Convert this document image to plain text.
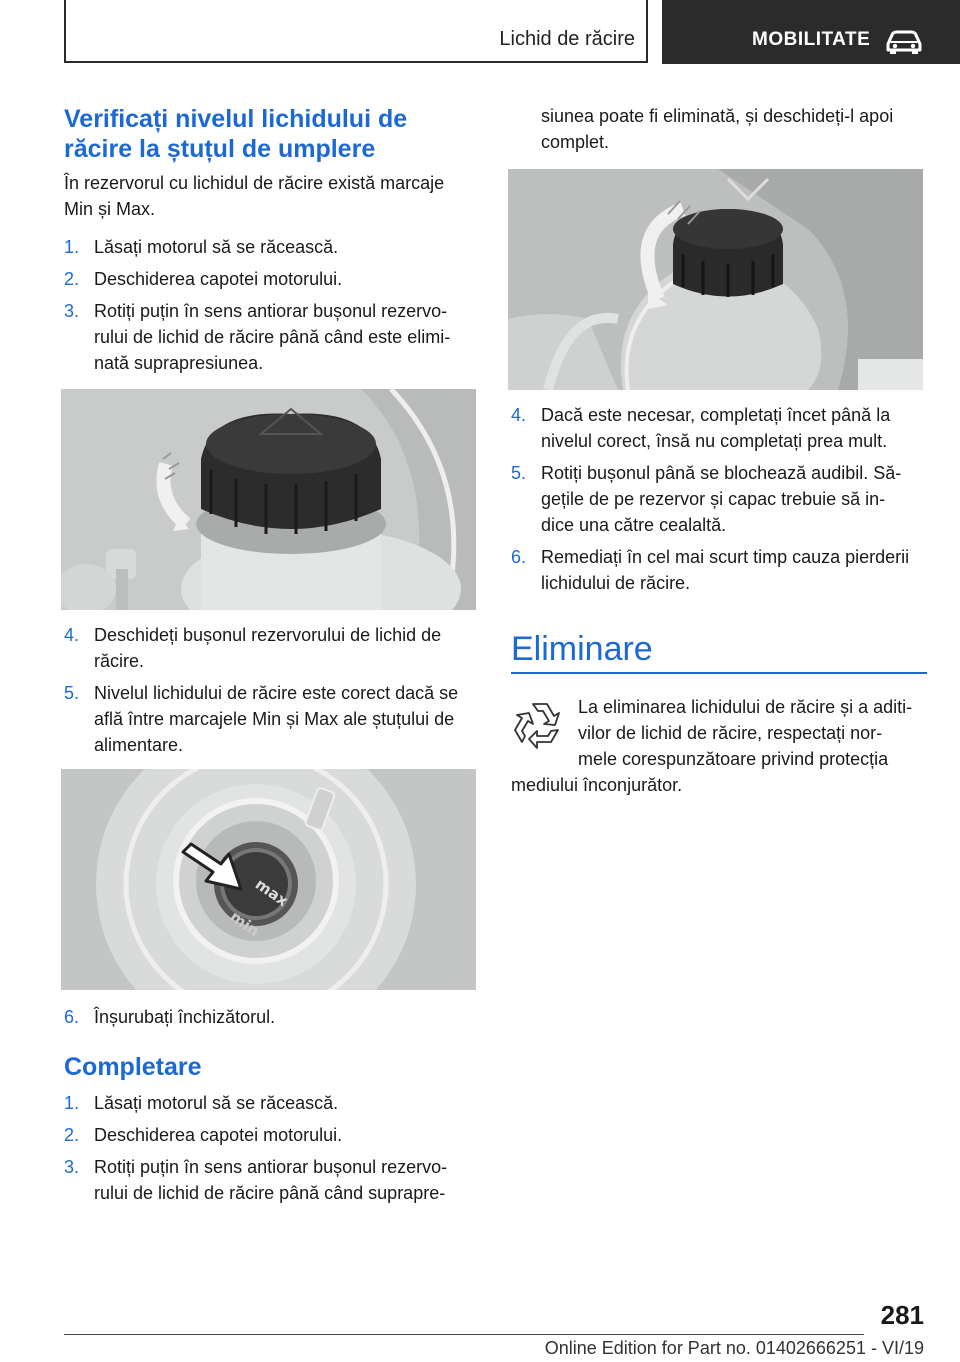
Lichid de răcire	MOBILITATE
Verificați nivelul lichidului de
răcire la ștuțul de umplere

În rezervorul cu lichidul de răcire există marcaje
Min și Max.

1. Lăsați motorul să se răcească.
2. Deschiderea capotei motorului.
3. Rotiți puțin în sens antiorar bușonul rezervo-
rului de lichid de răcire până când este elimi-
nată suprapresiunea.
4. Deschideți bușonul rezervorului de lichid de
răcire.
5. Nivelul lichidului de răcire este corect dacă se
află între marcajele Min și Max ale ștuțului de
alimentare.
max
min
6. Înșurubați închizătorul.
Completare
1. Lăsați motorul să se răcească.
2. Deschiderea capotei motorului.
3. Rotiți puțin în sens antiorar bușonul rezervo-
rului de lichid de răcire până când suprapre-

siunea poate fi eliminată, și deschideți-l apoi
complet.

4. Dacă este necesar, completați încet până la
nivelul corect, însă nu completați prea mult.
5. Rotiți bușonul până se blochează audibil. Să-
gețile de pe rezervor și capac trebuie să in-
dice una către cealaltă.
6. Remediați în cel mai scurt timp cauza pierderii
lichidului de răcire.
Eliminare

La eliminarea lichidului de răcire și a aditi-
vilor de lichid de răcire, respectați nor-
mele corespunzătoare privind protecția

mediului înconjurător.

281
Online Edition for Part no. 01402666251 - VI/19
